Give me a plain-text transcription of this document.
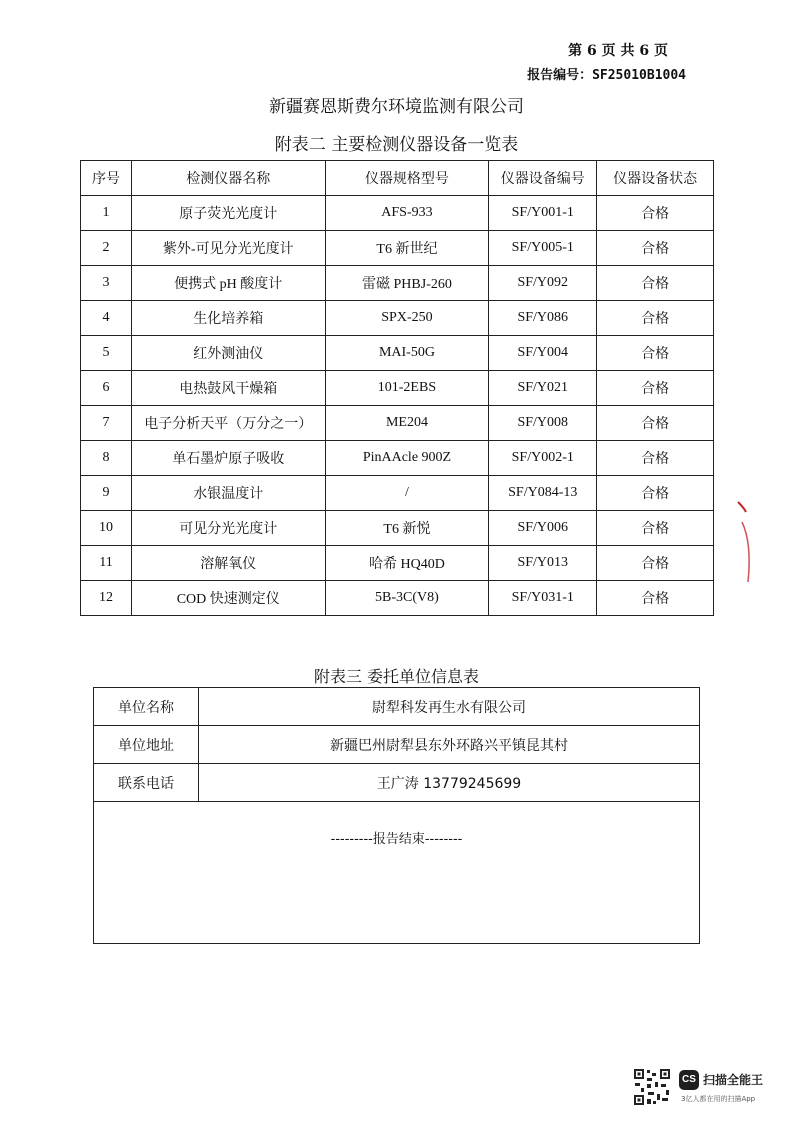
第 6 页 共 6 页
报告编号：SF25010B1004
新疆赛恩斯费尔环境监测有限公司
附表二 主要检测仪器设备一览表
序号	检测仪器名称	仪器规格型号	仪器设备编号	仪器设备状态
1	原子荧光光度计	AFS-933	SF/Y001-1	合格
2	紫外-可见分光光度计	T6 新世纪	SF/Y005-1	合格
3	便携式 pH 酸度计	雷磁 PHBJ-260	SF/Y092	合格
4	生化培养箱	SPX-250	SF/Y086	合格
5	红外测油仪	MAI-50G	SF/Y004	合格
6	电热鼓风干燥箱	101-2EBS	SF/Y021	合格
7	电子分析天平（万分之一）	ME204	SF/Y008	合格
8	单石墨炉原子吸收	PinAAcle 900Z	SF/Y002-1	合格
9	水银温度计	/	SF/Y084-13	合格
10	可见分光光度计	T6 新悦	SF/Y006	合格
11	溶解氧仪	哈希 HQ40D	SF/Y013	合格
12	COD 快速测定仪	5B-3C(V8)	SF/Y031-1	合格
附表三 委托单位信息表
单位名称	尉犁科发再生水有限公司
单位地址	新疆巴州尉犁县东外环路兴平镇昆其村
联系电话	王广涛 13779245699
---------报告结束--------	
CS 扫描全能王
3亿人都在用的扫描App
